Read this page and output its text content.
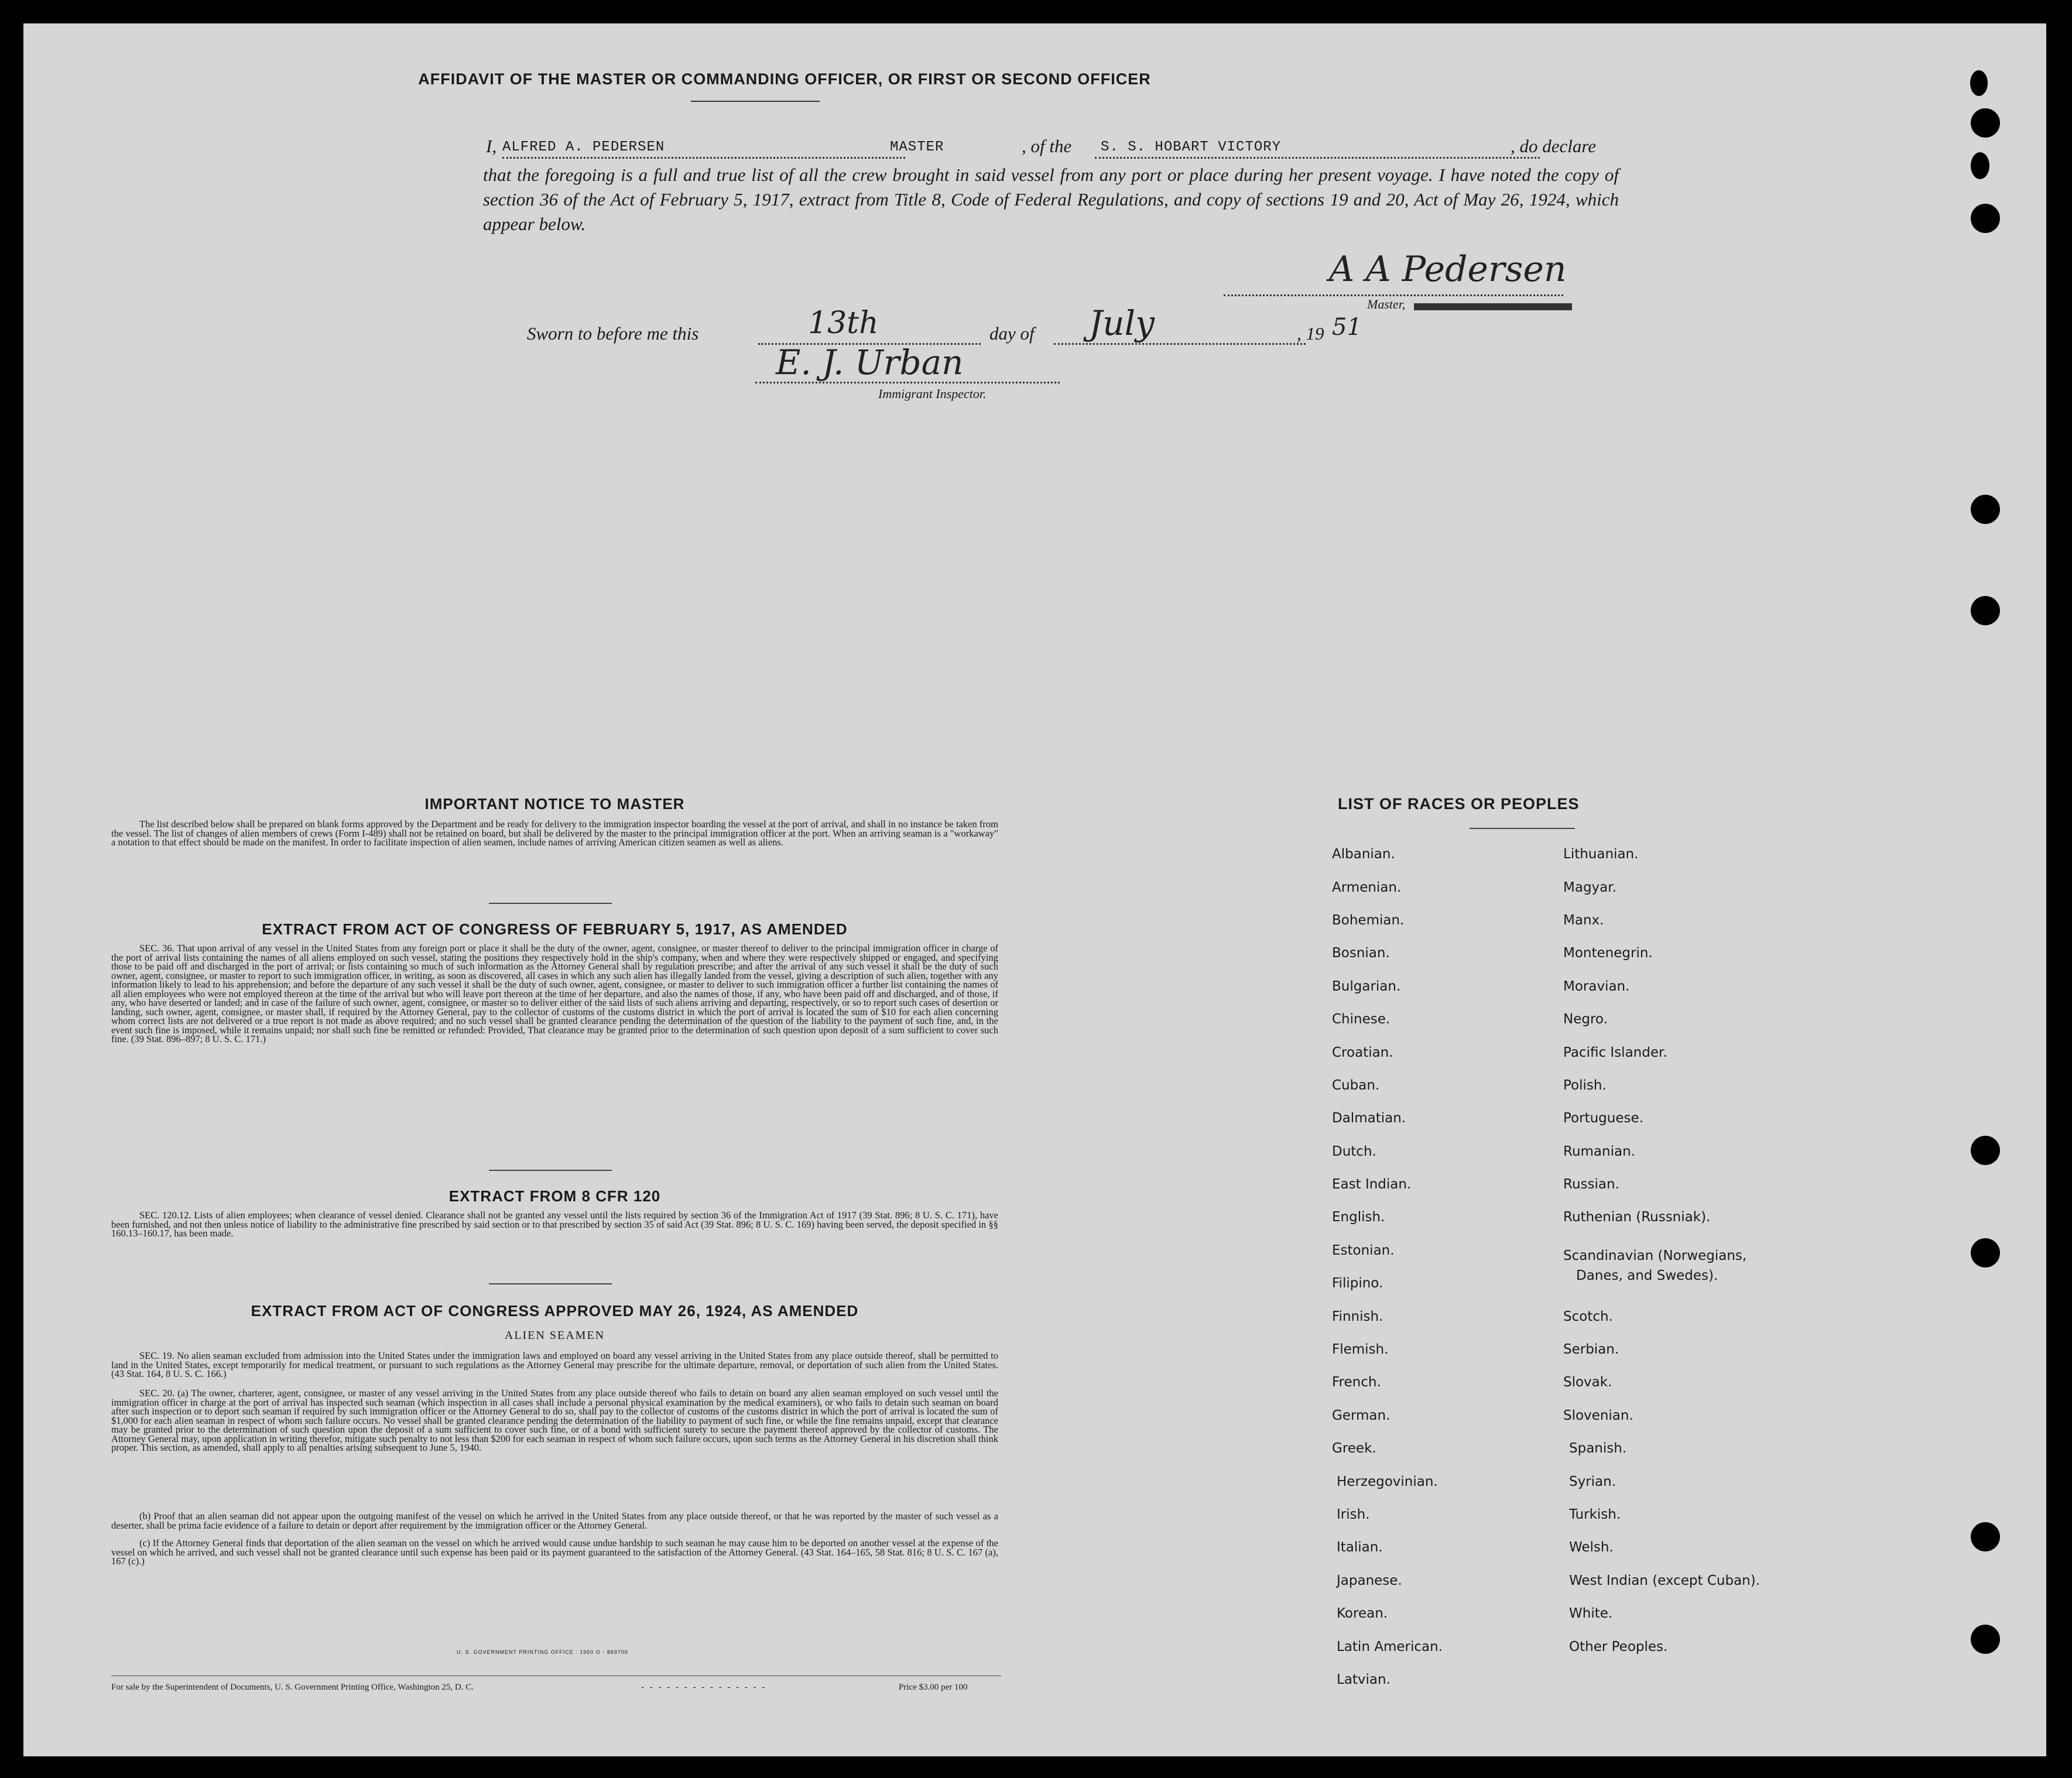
AFFIDAVIT OF THE MASTER OR COMMANDING OFFICER, OR FIRST OR SECOND OFFICER
I, ALFRED A. PEDERSEN	MASTER	, of the S. S. HOBART VICTORY	, do declare
that the foregoing is a full and true list of all the crew brought in said vessel from any port or place during her present voyage. I have noted the copy of section 36 of the Act of February 5, 1917, extract from Title 8, Code of Federal Regulations, and copy of sections 19 and 20, Act of May 26, 1924, which appear below.
A A Pedersen
Master,
Sworn to before me this	13th	day of July	, 19 51
E. J. Urban
Immigrant Inspector.
IMPORTANT NOTICE TO MASTER
The list described below shall be prepared on blank forms approved by the Department and be ready for delivery to the immigration inspector boarding the vessel at the port of arrival, and shall in no instance be taken from the vessel. The list of changes of alien members of crews (Form I-489) shall not be retained on board, but shall be delivered by the master to the principal immigration officer at the port. When an arriving seaman is a "workaway" a notation to that effect should be made on the manifest. In order to facilitate inspection of alien seamen, include names of arriving American citizen seamen as well as aliens.
EXTRACT FROM ACT OF CONGRESS OF FEBRUARY 5, 1917, AS AMENDED
SEC. 36. That upon arrival of any vessel in the United States from any foreign port or place it shall be the duty of the owner, agent, consignee, or master thereof to deliver to the principal immigration officer in charge of the port of arrival lists containing the names of all aliens employed on such vessel, stating the positions they respectively hold in the ship's company, when and where they were respectively shipped or engaged, and specifying those to be paid off and discharged in the port of arrival; or lists containing so much of such information as the Attorney General shall by regulation prescribe; and after the arrival of any such vessel it shall be the duty of such owner, agent, consignee, or master to report to such immigration officer, in writing, as soon as discovered, all cases in which any such alien has illegally landed from the vessel, giving a description of such alien, together with any information likely to lead to his apprehension; and before the departure of any such vessel it shall be the duty of such owner, agent, consignee, or master to deliver to such immigration officer a further list containing the names of all alien employees who were not employed thereon at the time of the arrival but who will leave port thereon at the time of her departure, and also the names of those, if any, who have been paid off and discharged, and of those, if any, who have deserted or landed; and in case of the failure of such owner, agent, consignee, or master so to deliver either of the said lists of such aliens arriving and departing, respectively, or so to report such cases of desertion or landing, such owner, agent, consignee, or master shall, if required by the Attorney General, pay to the collector of customs of the customs district in which the port of arrival is located the sum of $10 for each alien concerning whom correct lists are not delivered or a true report is not made as above required; and no such vessel shall be granted clearance pending the determination of the question of the liability to the payment of such fine, and, in the event such fine is imposed, while it remains unpaid; nor shall such fine be remitted or refunded: Provided, That clearance may be granted prior to the determination of such question upon deposit of a sum sufficient to cover such fine. (39 Stat. 896–897; 8 U. S. C. 171.)
EXTRACT FROM 8 CFR 120
SEC. 120.12. Lists of alien employees; when clearance of vessel denied. Clearance shall not be granted any vessel until the lists required by section 36 of the Immigration Act of 1917 (39 Stat. 896; 8 U. S. C. 171), have been furnished, and not then unless notice of liability to the administrative fine prescribed by said section or to that prescribed by section 35 of said Act (39 Stat. 896; 8 U. S. C. 169) having been served, the deposit specified in §§ 160.13–160.17, has been made.
EXTRACT FROM ACT OF CONGRESS APPROVED MAY 26, 1924, AS AMENDED
ALIEN SEAMEN
SEC. 19. No alien seaman excluded from admission into the United States under the immigration laws and employed on board any vessel arriving in the United States from any place outside thereof, shall be permitted to land in the United States, except temporarily for medical treatment, or pursuant to such regulations as the Attorney General may prescribe for the ultimate departure, removal, or deportation of such alien from the United States. (43 Stat. 164, 8 U. S. C. 166.)
SEC. 20. (a) The owner, charterer, agent, consignee, or master of any vessel arriving in the United States from any place outside thereof who fails to detain on board any alien seaman employed on such vessel until the immigration officer in charge at the port of arrival has inspected such seaman (which inspection in all cases shall include a personal physical examination by the medical examiners), or who fails to detain such seaman on board after such inspection or to deport such seaman if required by such immigration officer or the Attorney General to do so, shall pay to the collector of customs of the customs district in which the port of arrival is located the sum of $1,000 for each alien seaman in respect of whom such failure occurs. No vessel shall be granted clearance pending the determination of the liability to payment of such fine, or while the fine remains unpaid, except that clearance may be granted prior to the determination of such question upon the deposit of a sum sufficient to cover such fine, or of a bond with sufficient surety to secure the payment thereof approved by the collector of customs. The Attorney General may, upon application in writing therefor, mitigate such penalty to not less than $200 for each seaman in respect of whom such failure occurs, upon such terms as the Attorney General in his discretion shall think proper. This section, as amended, shall apply to all penalties arising subsequent to June 5, 1940.
(b) Proof that an alien seaman did not appear upon the outgoing manifest of the vessel on which he arrived in the United States from any place outside thereof, or that he was reported by the master of such vessel as a deserter, shall be prima facie evidence of a failure to detain or deport after requirement by the immigration officer or the Attorney General.
(c) If the Attorney General finds that deportation of the alien seaman on the vessel on which he arrived would cause undue hardship to such seaman he may cause him to be deported on another vessel at the expense of the vessel on which he arrived, and such vessel shall not be granted clearance until such expense has been paid or its payment guaranteed to the satisfaction of the Attorney General. (43 Stat. 164–165, 58 Stat. 816; 8 U. S. C. 167 (a), 167 (c).)
U. S. GOVERNMENT PRINTING OFFICE : 1950 O - 869700
For sale by the Superintendent of Documents, U. S. Government Printing Office, Washington 25, D. C.	- - - - - - - - - - - - - - -	Price $3.00 per 100
LIST OF RACES OR PEOPLES
Albanian.
Armenian.
Bohemian.
Bosnian.
Bulgarian.
Chinese.
Croatian.
Cuban.
Dalmatian.
Dutch.
East Indian.
English.
Estonian.
Filipino.
Finnish.
Flemish.
French.
German.
Greek.
Herzegovinian.
Irish.
Italian.
Japanese.
Korean.
Latin American.
Latvian.
Lithuanian.
Magyar.
Manx.
Montenegrin.
Moravian.
Negro.
Pacific Islander.
Polish.
Portuguese.
Rumanian.
Russian.
Ruthenian (Russniak).
Scandinavian (Norwegians,
Danes, and Swedes).
Scotch.
Serbian.
Slovak.
Slovenian.
Spanish.
Syrian.
Turkish.
Welsh.
West Indian (except Cuban).
White.
Other Peoples.
